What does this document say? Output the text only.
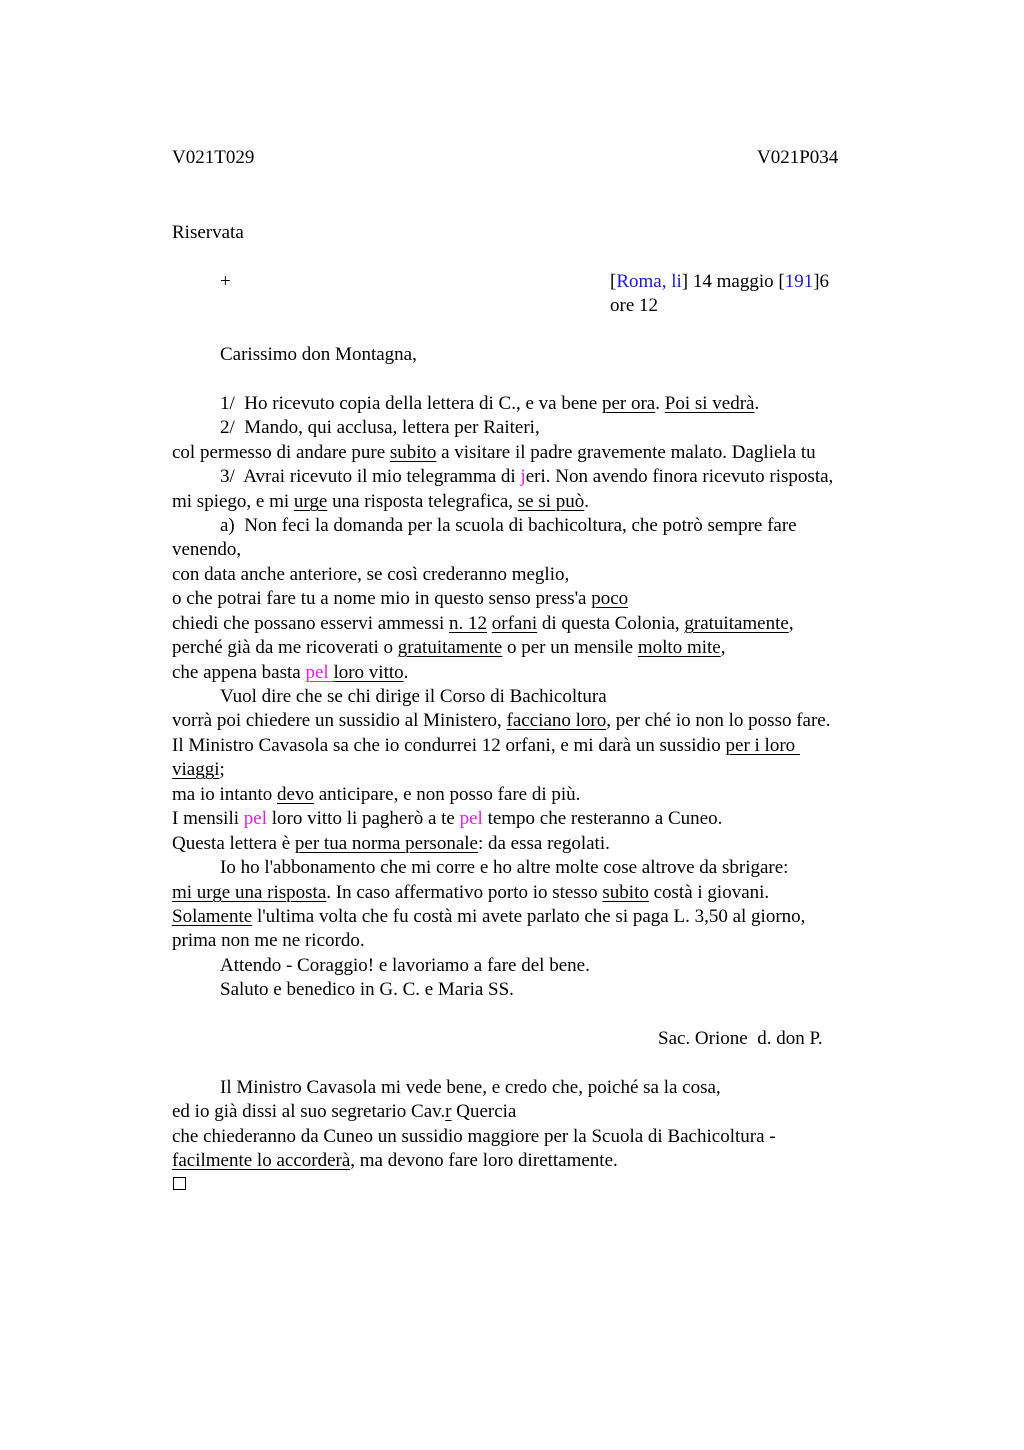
V021T029	V021P034
Riservata
+	[Roma, li] 14 maggio [191]6
ore 12
Carissimo don Montagna,
1/  Ho ricevuto copia della lettera di C., e va bene per ora. Poi si vedrà.
2/  Mando, qui acclusa, lettera per Raiteri,
col permesso di andare pure subito a visitare il padre gravemente malato. Dagliela tu
3/  Avrai ricevuto il mio telegramma di jeri. Non avendo finora ricevuto risposta,
mi spiego, e mi urge una risposta telegrafica, se si può.
a)  Non feci la domanda per la scuola di bachicoltura, che potrò sempre fare
venendo,
con data anche anteriore, se così crederanno meglio,
o che potrai fare tu a nome mio in questo senso press'a poco
chiedi che possano esservi ammessi n. 12 orfani di questa Colonia, gratuitamente,
perché già da me ricoverati o gratuitamente o per un mensile molto mite,
che appena basta pel loro vitto.
Vuol dire che se chi dirige il Corso di Bachicoltura
vorrà poi chiedere un sussidio al Ministero, facciano loro, per ché io non lo posso fare.
Il Ministro Cavasola sa che io condurrei 12 orfani, e mi darà un sussidio per i loro
viaggi;
ma io intanto devo anticipare, e non posso fare di più.
I mensili pel loro vitto li pagherò a te pel tempo che resteranno a Cuneo.
Questa lettera è per tua norma personale: da essa regolati.
Io ho l'abbonamento che mi corre e ho altre molte cose altrove da sbrigare:
mi urge una risposta. In caso affermativo porto io stesso subito costà i giovani.
Solamente l'ultima volta che fu costà mi avete parlato che si paga L. 3,50 al giorno,
prima non me ne ricordo.
Attendo - Coraggio! e lavoriamo a fare del bene.
Saluto e benedico in G. C. e Maria SS.
Sac. Orione  d. don P.
Il Ministro Cavasola mi vede bene, e credo che, poiché sa la cosa,
ed io già dissi al suo segretario Cav.r Quercia
che chiederanno da Cuneo un sussidio maggiore per la Scuola di Bachicoltura -
facilmente lo accorderà, ma devono fare loro direttamente.
